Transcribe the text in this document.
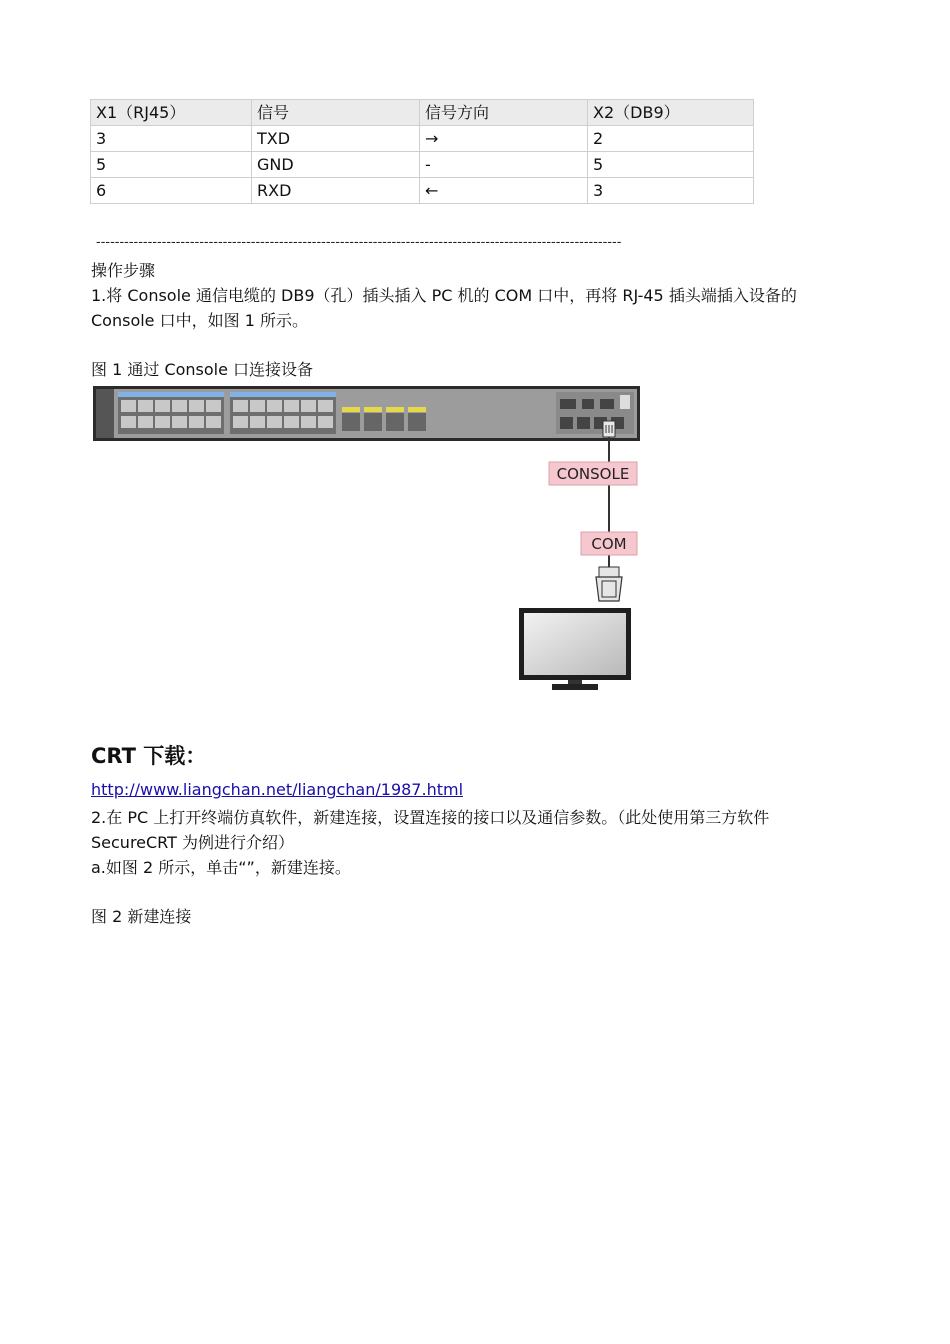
X1（RJ45）	信号	信号方向	X2（DB9）
3	TXD	→	2
5	GND	-	5
6	RXD	←	3
----------------------------------------------------------------------------------------------------------------
操作步骤
1.将 Console 通信电缆的 DB9（孔）插头插入 PC 机的 COM 口中，再将 RJ-45 插头端插入设备的
Console 口中，如图 1 所示。
图 1 通过 Console 口连接设备
CONSOLE
COM
CRT 下载：
http://www.liangchan.net/liangchan/1987.html
2.在 PC 上打开终端仿真软件，新建连接，设置连接的接口以及通信参数。（此处使用第三方软件
SecureCRT 为例进行介绍）
a.如图 2 所示，单击“”，新建连接。
图 2 新建连接
